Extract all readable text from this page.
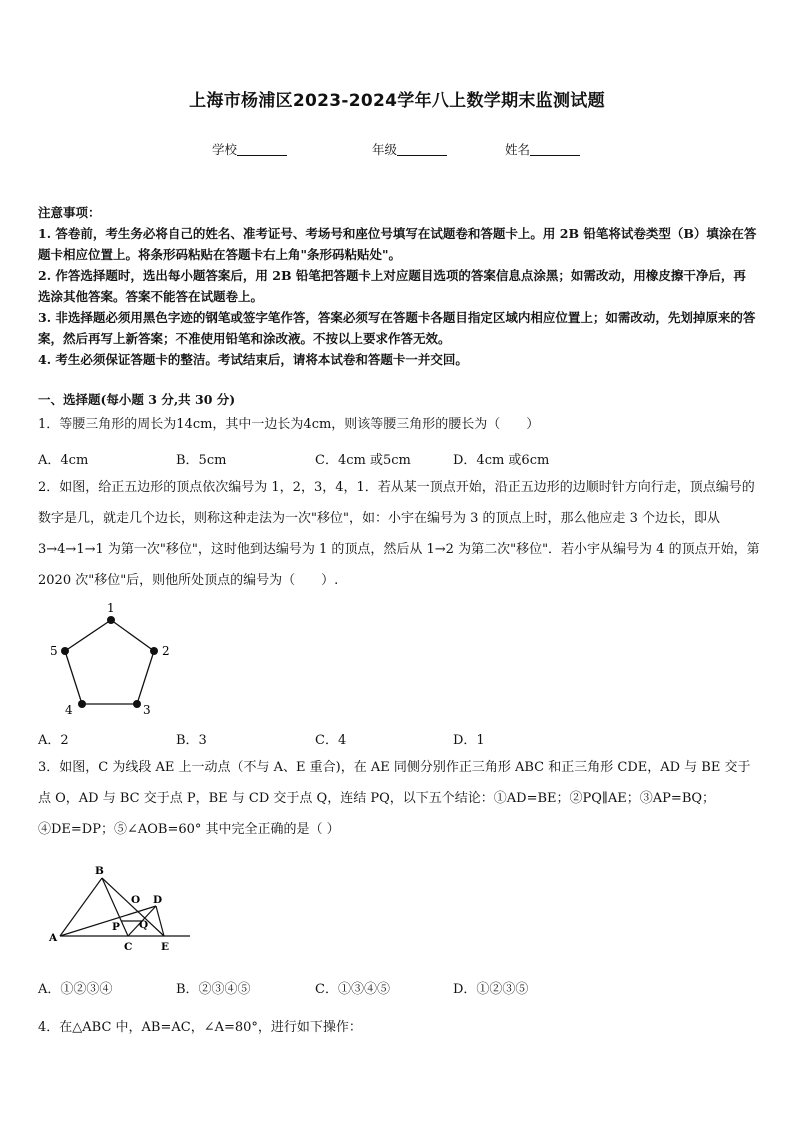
上海市杨浦区2023-2024学年八上数学期末监测试题
学校	年级	姓名

注意事项：

1. 答卷前，考生务必将自己的姓名、准考证号、考场号和座位号填写在试题卷和答题卡上。用 2B 铅笔将试卷类型（B）填涂在答题卡相应位置上。将条形码粘贴在答题卡右上角"条形码粘贴处"。

2. 作答选择题时，选出每小题答案后，用 2B 铅笔把答题卡上对应题目选项的答案信息点涂黑；如需改动，用橡皮擦干净后，再选涂其他答案。答案不能答在试题卷上。

3. 非选择题必须用黑色字迹的钢笔或签字笔作答，答案必须写在答题卡各题目指定区域内相应位置上；如需改动，先划掉原来的答案，然后再写上新答案；不准使用铅笔和涂改液。不按以上要求作答无效。

4. 考生必须保证答题卡的整洁。考试结束后，请将本试卷和答题卡一并交回。

一、选择题(每小题 3 分,共 30 分)

1．等腰三角形的周长为14cm，其中一边长为4cm，则该等腰三角形的腰长为（　　）

A．4cm	B．5cm	C．4cm 或5cm	D．4cm 或6cm

2．如图，给正五边形的顶点依次编号为 1，2，3，4，1．若从某一顶点开始，沿正五边形的边顺时针方向行走，顶点编号的数字是几，就走几个边长，则称这种走法为一次"移位"，如：小宇在编号为 3 的顶点上时，那么他应走 3 个边长，即从 3→4→1→1 为第一次"移位"，这时他到达编号为 1 的顶点，然后从 1→2 为第二次"移位"．若小宇从编号为 4 的顶点开始，第 2020 次"移位"后，则他所处顶点的编号为（　　）.

1
2
3
4
5
A．2	B．3	C．4	D．1

3．如图，C 为线段 AE 上一动点（不与 A、E 重合)，在 AE 同侧分别作正三角形 ABC 和正三角形 CDE，AD 与 BE 交于点 O，AD 与 BC 交于点 P，BE 与 CD 交于点 Q，连结 PQ，以下五个结论：①AD=BE；②PQ∥AE；③AP=BQ；④DE=DP；⑤∠AOB=60° 其中完全正确的是（ ）

B
O D
P Q
A
C	E
A．①②③④	B．②③④⑤	C．①③④⑤	D．①②③⑤

4．在△ABC 中，AB=AC，∠A=80°，进行如下操作：
